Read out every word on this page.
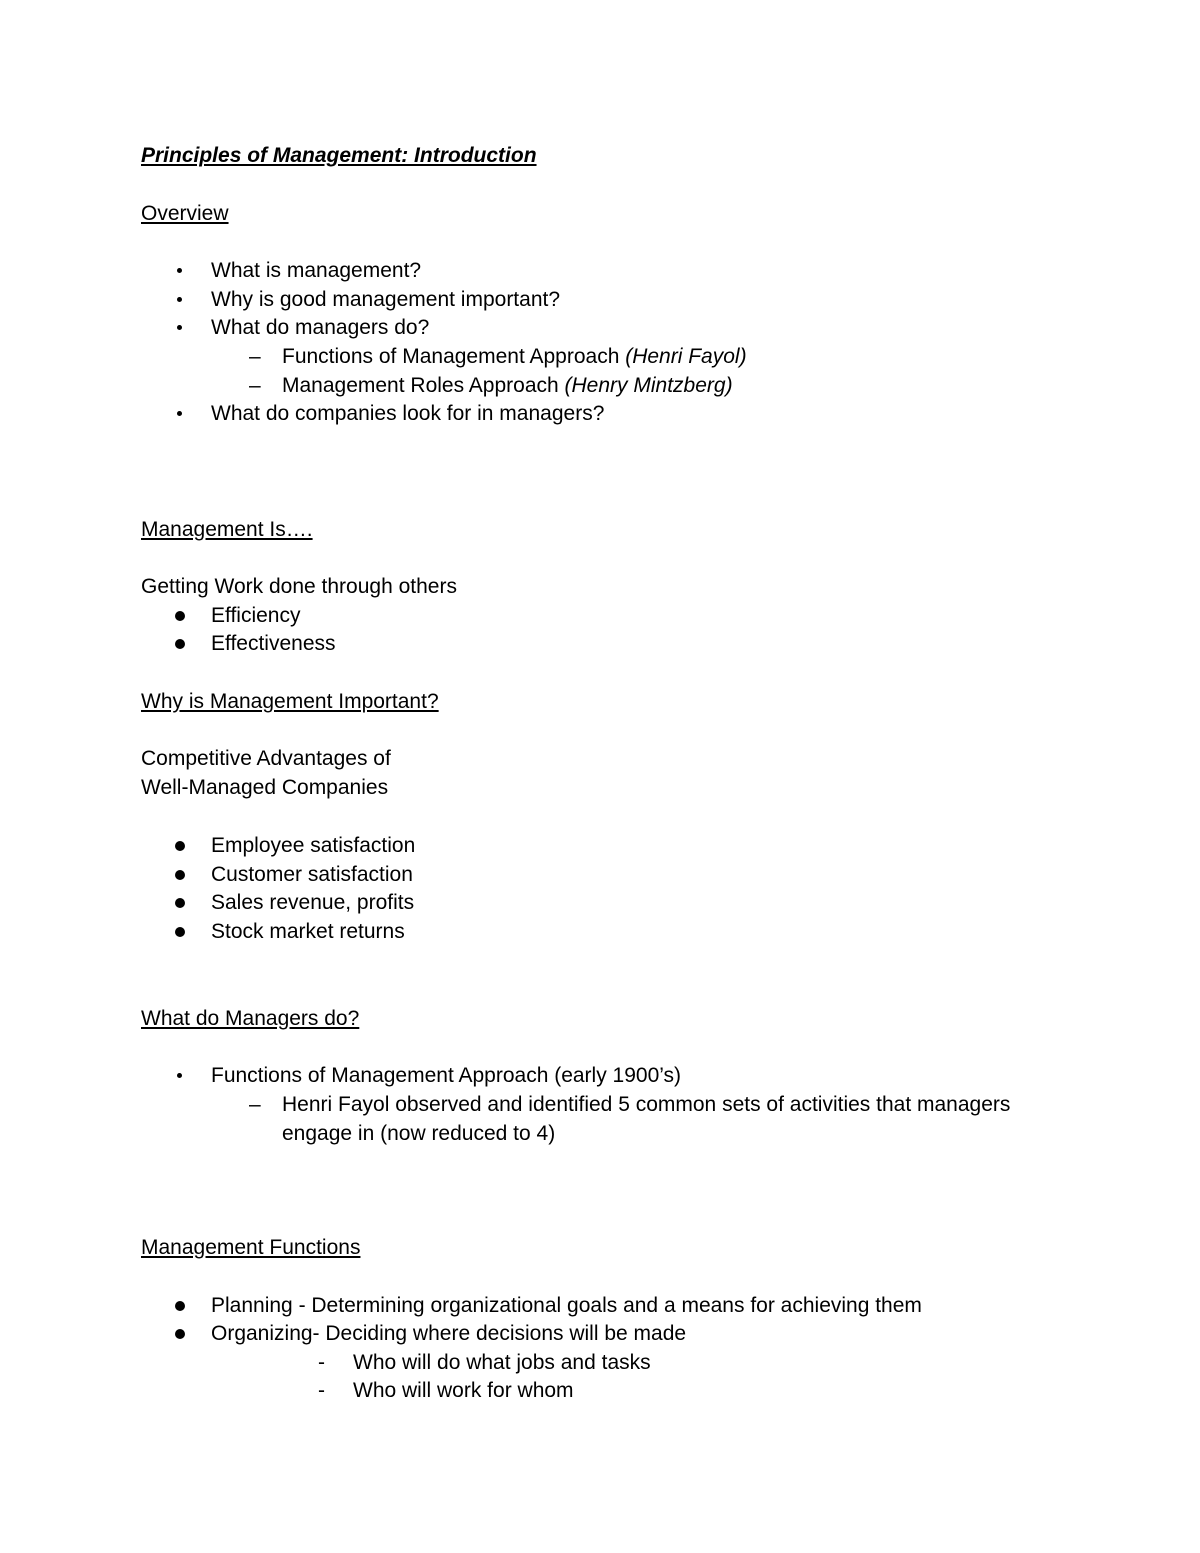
Principles of Management: Introduction
Overview
What is management?
Why is good management important?
What do managers do?
– Functions of Management Approach (Henri Fayol)
– Management Roles Approach (Henry Mintzberg)
What do companies look for in managers?
Management Is….
Getting Work done through others
Efficiency
Effectiveness
Why is Management Important?
Competitive Advantages of
Well-Managed Companies
Employee satisfaction
Customer satisfaction
Sales revenue, profits
Stock market returns
What do Managers do?
Functions of Management Approach (early 1900’s)
– Henri Fayol observed and identified 5 common sets of activities that managers
engage in (now reduced to 4)
Management Functions
Planning - Determining organizational goals and a means for achieving them
Organizing- Deciding where decisions will be made
- Who will do what jobs and tasks
- Who will work for whom
